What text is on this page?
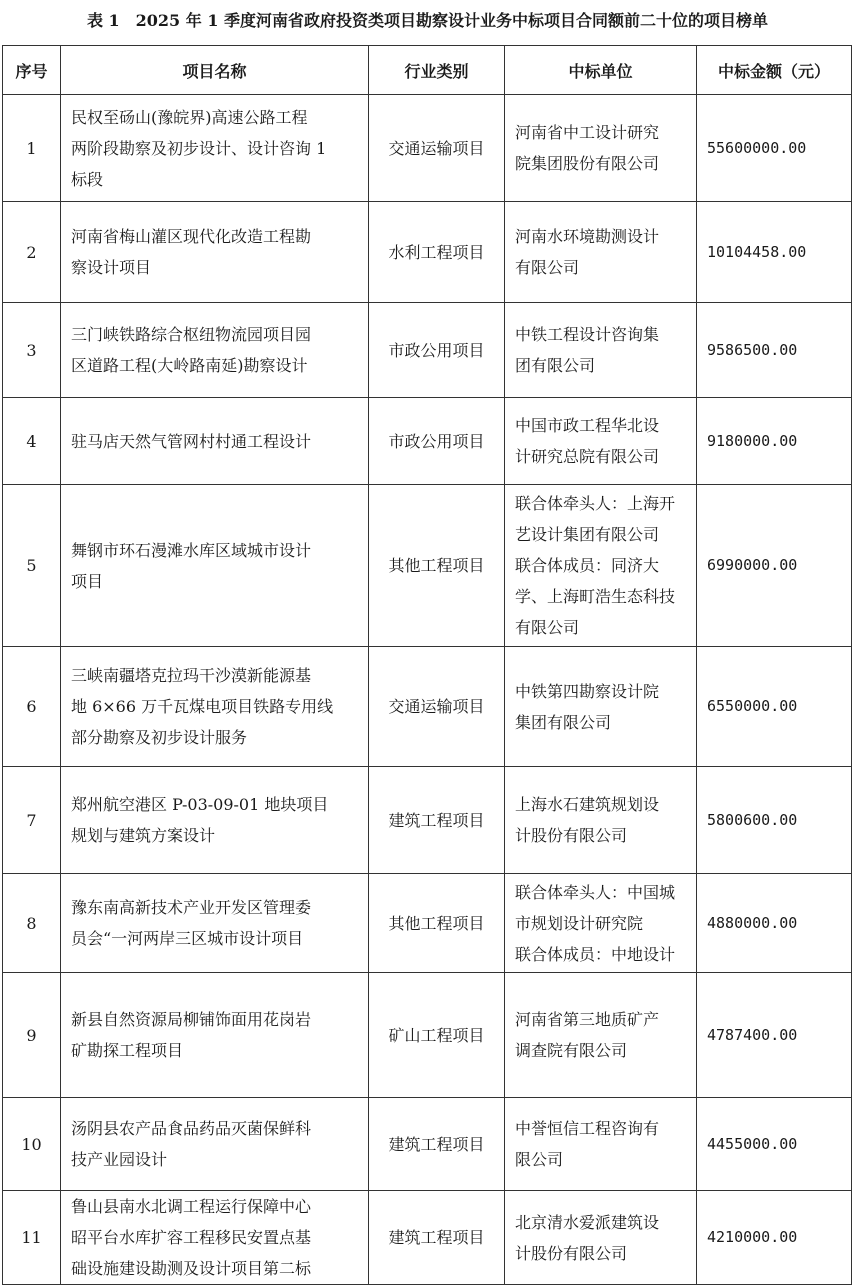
表 1　2025 年 1 季度河南省政府投资类项目勘察设计业务中标项目合同额前二十位的项目榜单
序号	项目名称	行业类别	中标单位	中标金额（元）
1	民权至砀山(豫皖界)高速公路工程
两阶段勘察及初步设计、设计咨询 1
标段	交通运输项目	河南省中工设计研究
院集团股份有限公司	55600000.00
2	河南省梅山灌区现代化改造工程勘
察设计项目	水利工程项目	河南水环境勘测设计
有限公司	10104458.00
3	三门峡铁路综合枢纽物流园项目园
区道路工程(大岭路南延)勘察设计	市政公用项目	中铁工程设计咨询集
团有限公司	9586500.00
4	驻马店天然气管网村村通工程设计	市政公用项目	中国市政工程华北设
计研究总院有限公司	9180000.00
5	舞钢市环石漫滩水库区域城市设计
项目	其他工程项目	联合体牵头人：上海开
艺设计集团有限公司
联合体成员：同济大
学、上海町浩生态科技
有限公司	6990000.00
6	三峡南疆塔克拉玛干沙漠新能源基
地 6×66 万千瓦煤电项目铁路专用线
部分勘察及初步设计服务	交通运输项目	中铁第四勘察设计院
集团有限公司	6550000.00
7	郑州航空港区 P-03-09-01 地块项目
规划与建筑方案设计	建筑工程项目	上海水石建筑规划设
计股份有限公司	5800600.00
8	豫东南高新技术产业开发区管理委
员会“一河两岸三区城市设计项目	其他工程项目	联合体牵头人：中国城
市规划设计研究院
联合体成员：中地设计	4880000.00
9	新县自然资源局柳铺饰面用花岗岩
矿勘探工程项目	矿山工程项目	河南省第三地质矿产
调查院有限公司	4787400.00
10	汤阴县农产品食品药品灭菌保鲜科
技产业园设计	建筑工程项目	中誉恒信工程咨询有
限公司	4455000.00
11	鲁山县南水北调工程运行保障中心
昭平台水库扩容工程移民安置点基
础设施建设勘测及设计项目第二标	建筑工程项目	北京清水爱派建筑设
计股份有限公司	4210000.00
